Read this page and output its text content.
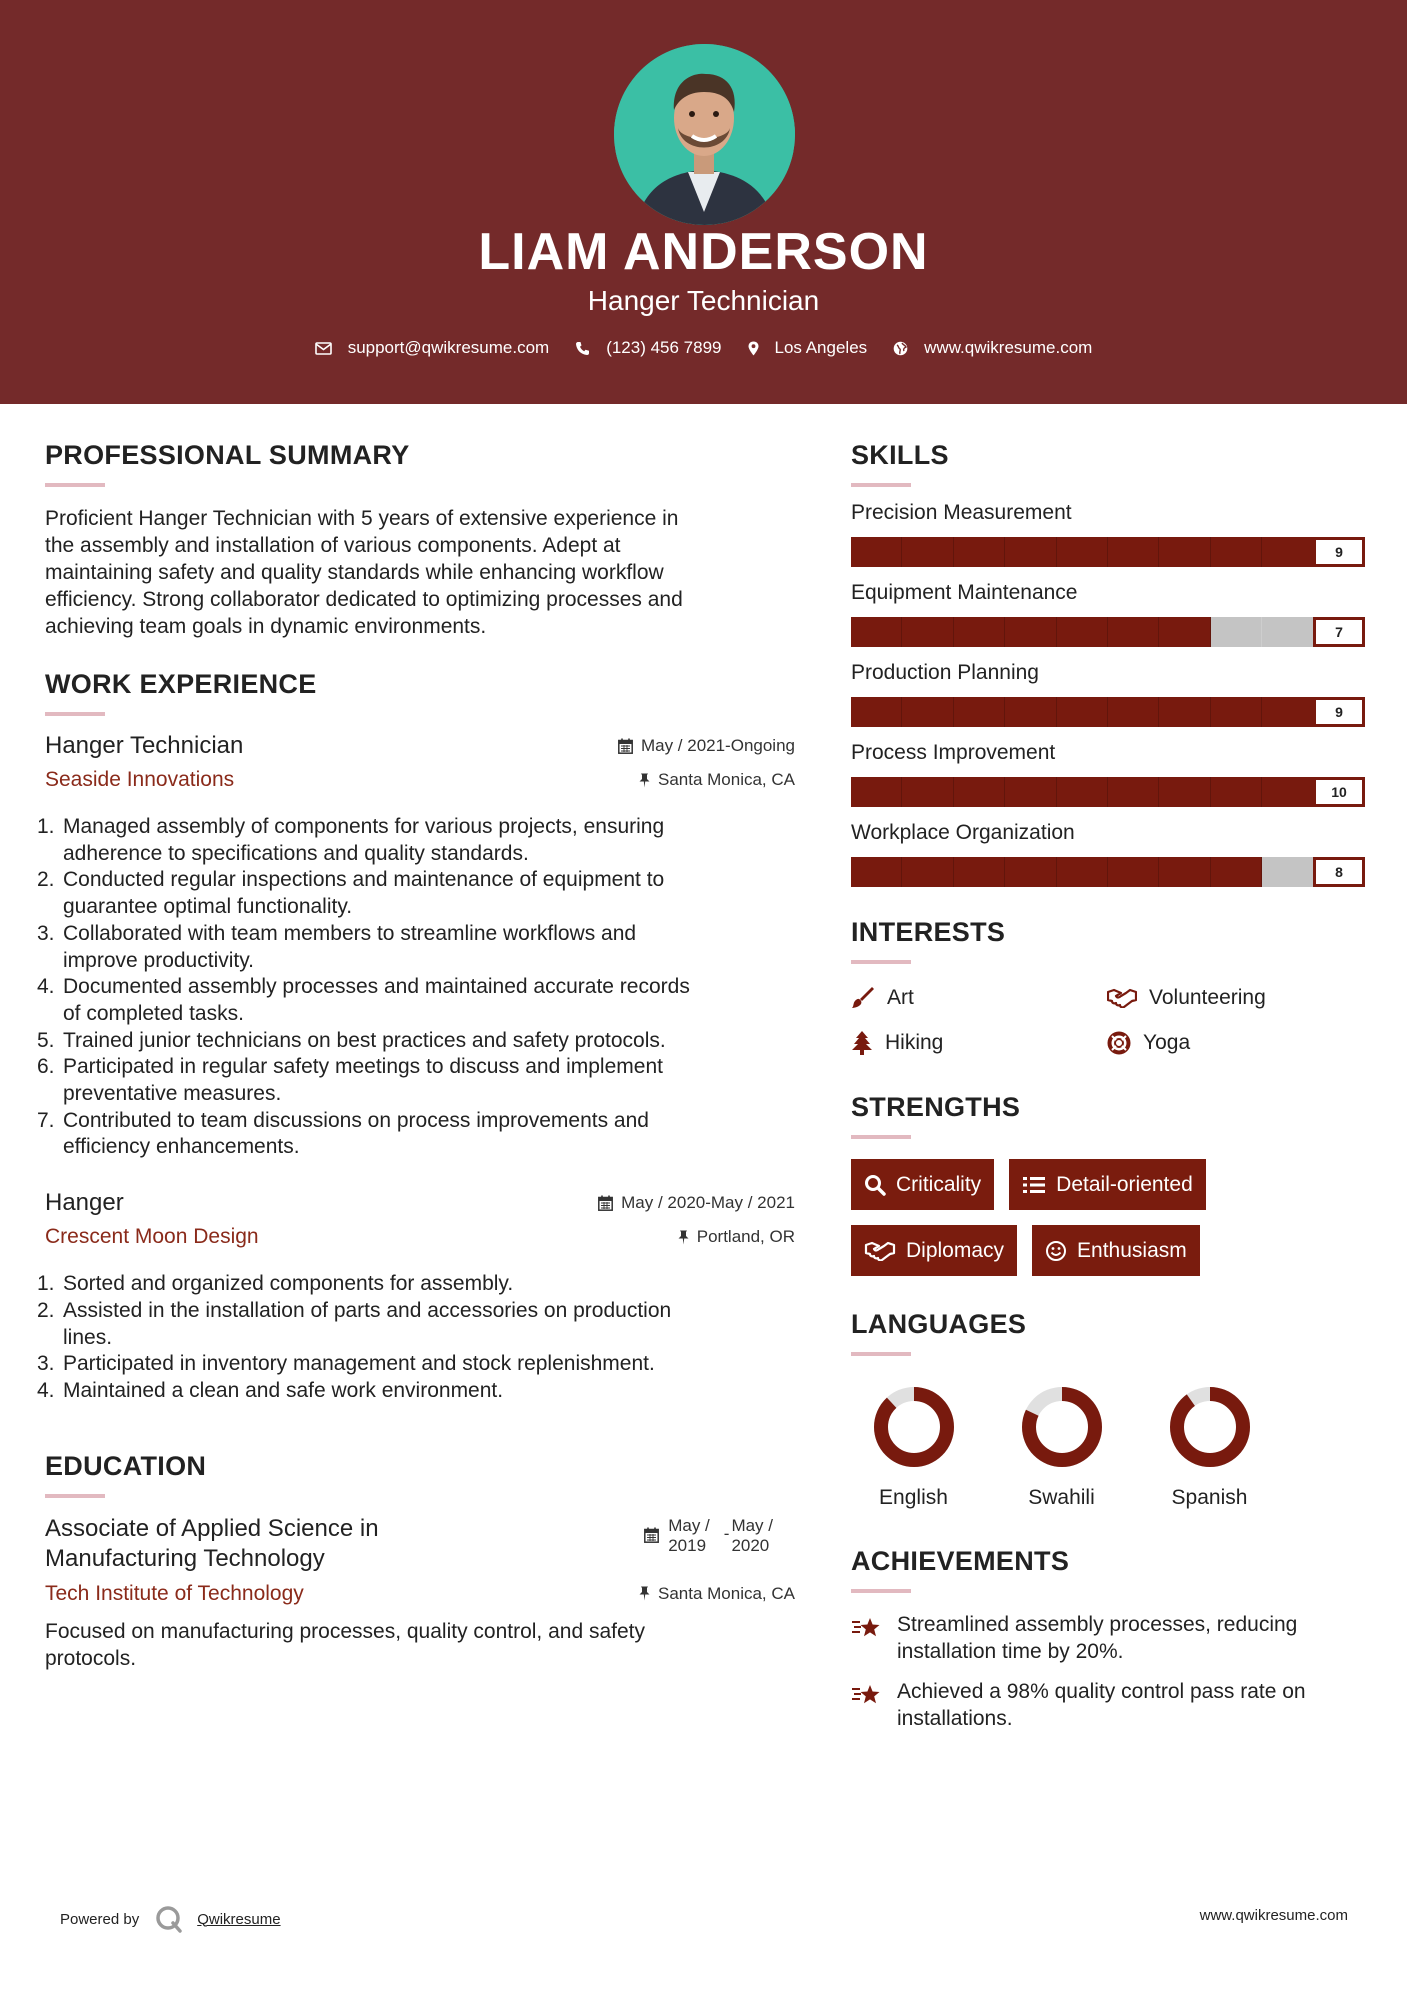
LIAM ANDERSON
Hanger Technician
support@qwikresume.com	(123) 456 7899	Los Angeles	www.qwikresume.com
PROFESSIONAL SUMMARY
Proficient Hanger Technician with 5 years of extensive experience in
the assembly and installation of various components. Adept at
maintaining safety and quality standards while enhancing workflow
efficiency. Strong collaborator dedicated to optimizing processes and
achieving team goals in dynamic environments.
WORK EXPERIENCE
Hanger Technician	May / 2021-Ongoing
Seaside Innovations	Santa Monica, CA
1. Managed assembly of components for various projects, ensuring
adherence to specifications and quality standards.
2. Conducted regular inspections and maintenance of equipment to
guarantee optimal functionality.
3. Collaborated with team members to streamline workflows and
improve productivity.
4. Documented assembly processes and maintained accurate records
of completed tasks.
5. Trained junior technicians on best practices and safety protocols.
6. Participated in regular safety meetings to discuss and implement
preventative measures.
7. Contributed to team discussions on process improvements and
efficiency enhancements.
Hanger	May / 2020-May / 2021
Crescent Moon Design	Portland, OR
1. Sorted and organized components for assembly.
2. Assisted in the installation of parts and accessories on production
lines.
3. Participated in inventory management and stock replenishment.
4. Maintained a clean and safe work environment.
EDUCATION
Associate of Applied Science in
Manufacturing Technology
May /
2019
- May /
2020
Tech Institute of Technology	Santa Monica, CA
Focused on manufacturing processes, quality control, and safety
protocols.
SKILLS
Precision Measurement
9
Equipment Maintenance
7
Production Planning
9
Process Improvement
10
Workplace Organization
8
INTERESTS
Art	Volunteering
Hiking	Yoga
STRENGTHS
Criticality	Detail-oriented
Diplomacy	Enthusiasm
LANGUAGES
English	Swahili	Spanish
ACHIEVEMENTS
Streamlined assembly processes, reducing
installation time by 20%.
Achieved a 98% quality control pass rate on
installations.
Powered by	Qwikresume	www.qwikresume.com
